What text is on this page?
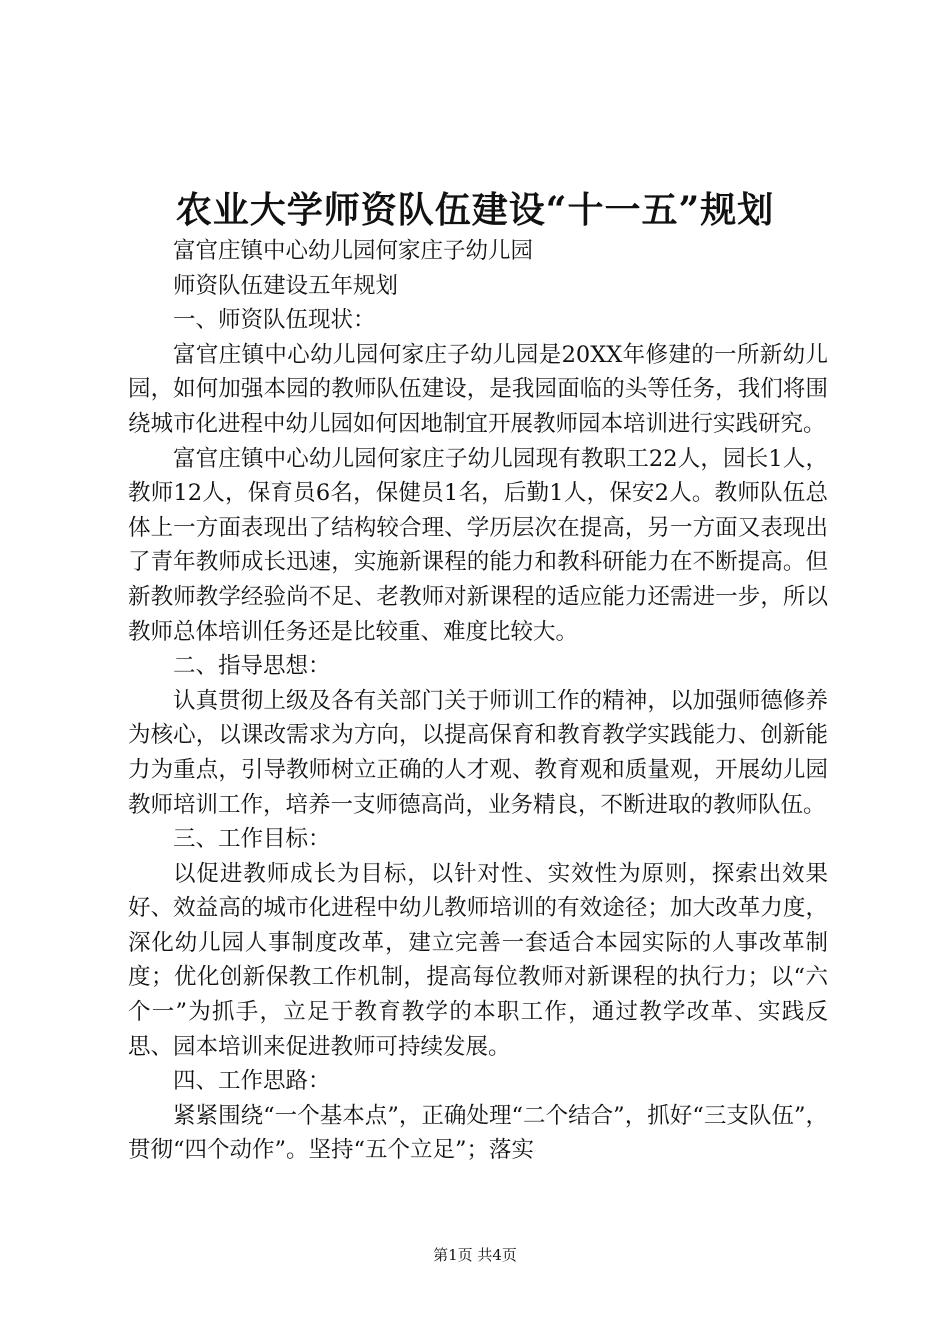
农业大学师资队伍建设“十一五”规划

富官庄镇中心幼儿园何家庄子幼儿园

师资队伍建设五年规划

一、师资队伍现状：

富官庄镇中心幼儿园何家庄子幼儿园是20XX年修建的一所新幼儿园，如何加强本园的教师队伍建设，是我园面临的头等任务，我们将围绕城市化进程中幼儿园如何因地制宜开展教师园本培训进行实践研究。

富官庄镇中心幼儿园何家庄子幼儿园现有教职工22人，园长1人，教师12人，保育员6名，保健员1名，后勤1人，保安2人。教师队伍总体上一方面表现出了结构较合理、学历层次在提高，另一方面又表现出了青年教师成长迅速，实施新课程的能力和教科研能力在不断提高。但新教师教学经验尚不足、老教师对新课程的适应能力还需进一步，所以教师总体培训任务还是比较重、难度比较大。

二、指导思想：

认真贯彻上级及各有关部门关于师训工作的精神，以加强师德修养为核心，以课改需求为方向，以提高保育和教育教学实践能力、创新能力为重点，引导教师树立正确的人才观、教育观和质量观，开展幼儿园教师培训工作，培养一支师德高尚，业务精良，不断进取的教师队伍。

三、工作目标：

以促进教师成长为目标，以针对性、实效性为原则，探索出效果好、效益高的城市化进程中幼儿教师培训的有效途径；加大改革力度，深化幼儿园人事制度改革，建立完善一套适合本园实际的人事改革制度；优化创新保教工作机制，提高每位教师对新课程的执行力；以“六个一”为抓手，立足于教育教学的本职工作，通过教学改革、实践反思、园本培训来促进教师可持续发展。

四、工作思路：

紧紧围绕“一个基本点”，正确处理“二个结合”，抓好“三支队伍”，贯彻“四个动作”。坚持“五个立足”；落实

第1页 共4页
